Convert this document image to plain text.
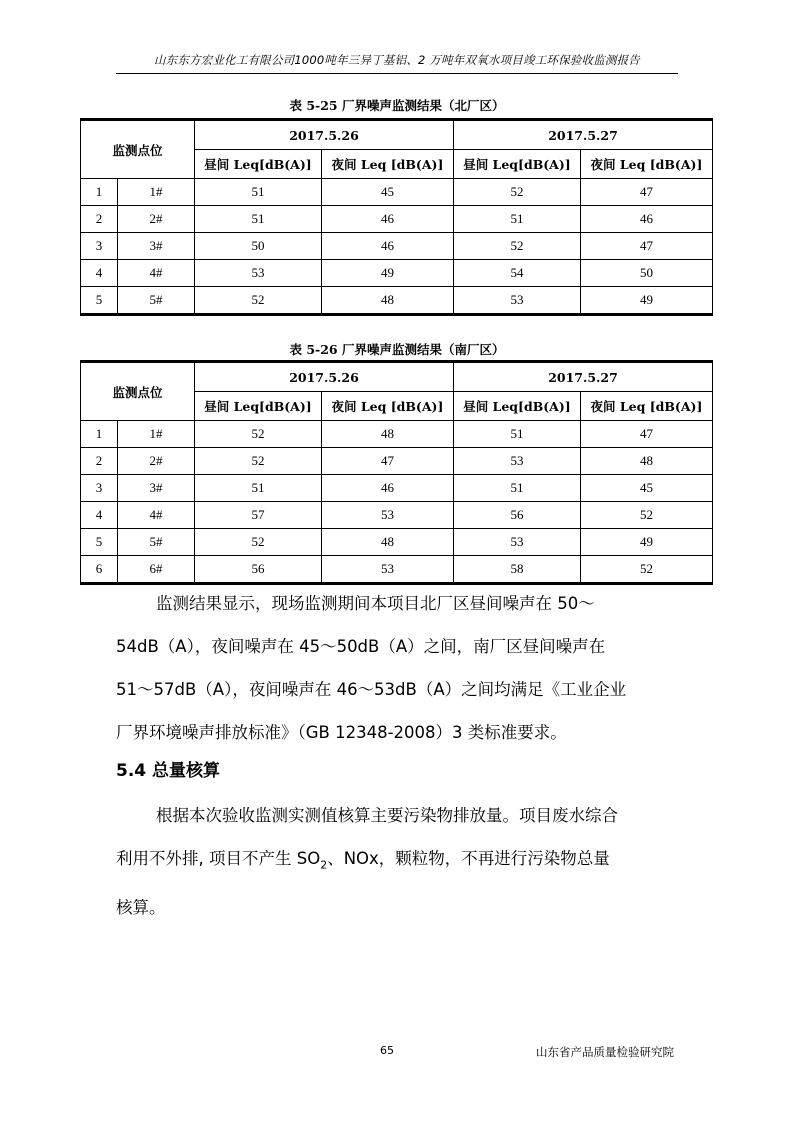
山东东方宏业化工有限公司1000吨年三异丁基铝、2 万吨年双氧水项目竣工环保验收监测报告
表 5-25 厂界噪声监测结果（北厂区）
监测点位		2017.5.26		2017.5.27	
		昼间 Leq[dB(A)]	夜间 Leq [dB(A)]	昼间 Leq[dB(A)]	夜间 Leq [dB(A)]
1	1#	51	45	52	47
2	2#	51	46	51	46
3	3#	50	46	52	47
4	4#	53	49	54	50
5	5#	52	48	53	49
表 5-26 厂界噪声监测结果（南厂区）
监测点位		2017.5.26		2017.5.27	
		昼间 Leq[dB(A)]	夜间 Leq [dB(A)]	昼间 Leq[dB(A)]	夜间 Leq [dB(A)]
1	1#	52	48	51	47
2	2#	52	47	53	48
3	3#	51	46	51	45
4	4#	57	53	56	52
5	5#	52	48	53	49
6	6#	56	53	58	52
监测结果显示，现场监测期间本项目北厂区昼间噪声在 50～
54dB（A），夜间噪声在 45～50dB（A）之间，南厂区昼间噪声在
51～57dB（A），夜间噪声在 46～53dB（A）之间均满足《工业企业
厂界环境噪声排放标准》（GB 12348-2008）3 类标准要求。
5.4 总量核算
根据本次验收监测实测值核算主要污染物排放量。项目废水综合
利用不外排, 项目不产生 $SO_2$、NOx，颗粒物，不再进行污染物总量
核算。
65	山东省产品质量检验研究院
